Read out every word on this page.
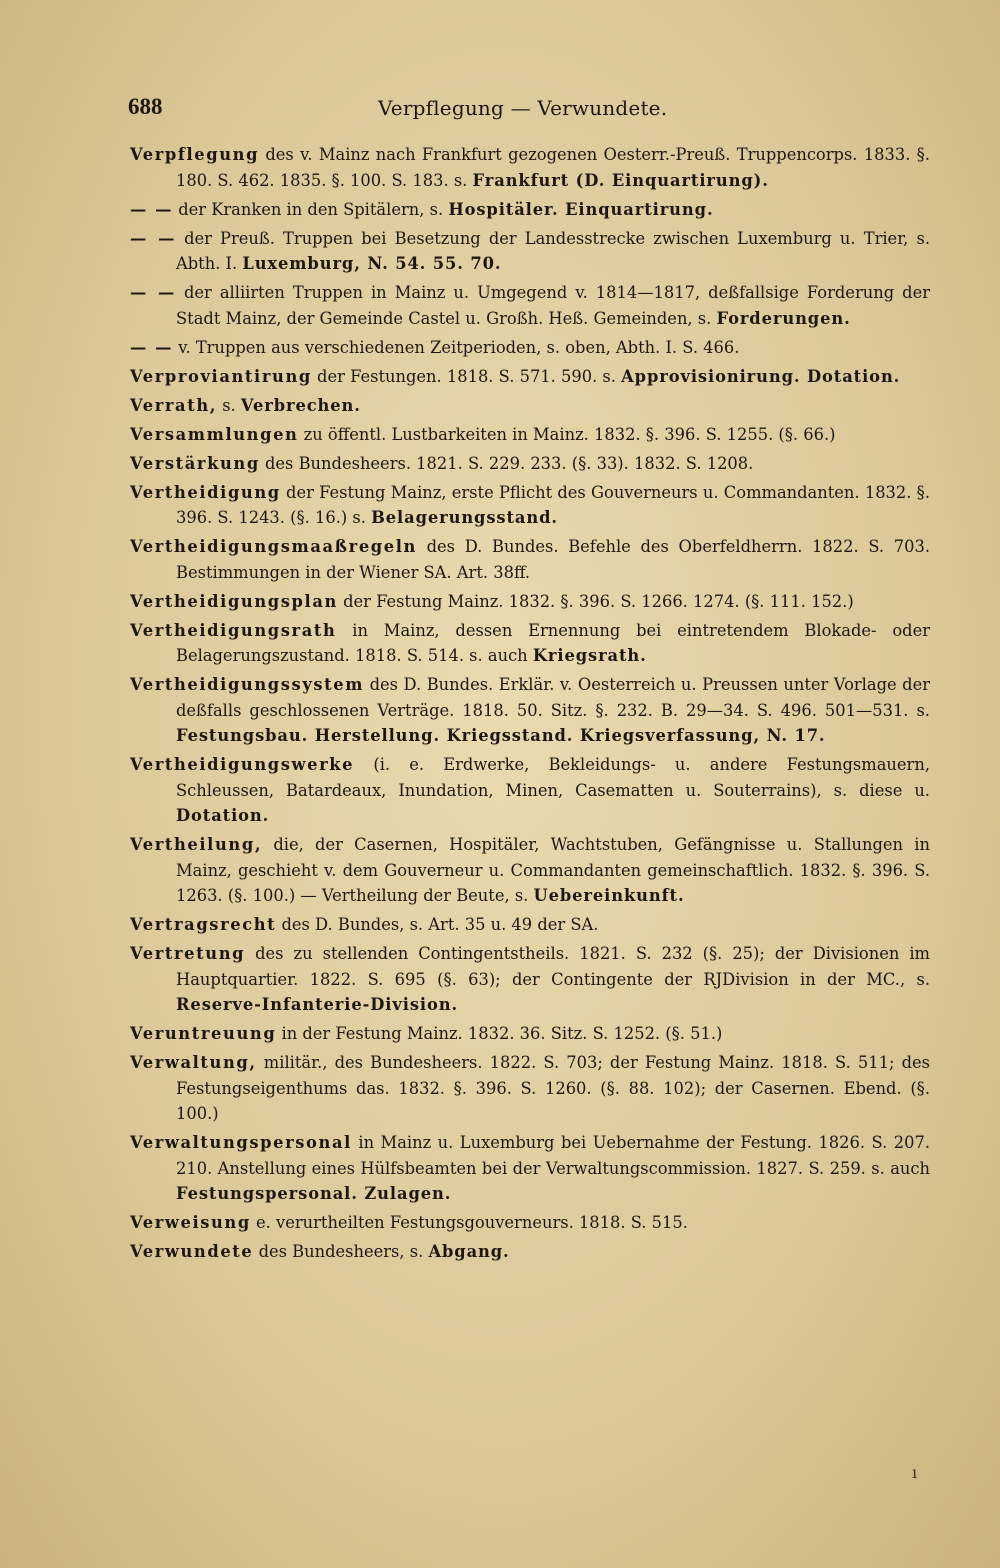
688	Verpflegung — Verwundete.
Verpflegung des v. Mainz nach Frankfurt gezogenen Oesterr.-Preuß. Truppencorps. 1833. §. 180. S. 462. 1835. §. 100. S. 183. s. Frankfurt (D. Einquartirung).
— — der Kranken in den Spitälern, s. Hospitäler. Einquartirung.
— — der Preuß. Truppen bei Besetzung der Landesstrecke zwischen Luxemburg u. Trier, s. Abth. I. Luxemburg, N. 54. 55. 70.
— — der alliirten Truppen in Mainz u. Umgegend v. 1814—1817, deßfallsige Forderung der Stadt Mainz, der Gemeinde Castel u. Großh. Heß. Gemeinden, s. Forderungen.
— — v. Truppen aus verschiedenen Zeitperioden, s. oben, Abth. I. S. 466.
Verproviantirung der Festungen. 1818. S. 571. 590. s. Approvisionirung. Dotation.
Verrath, s. Verbrechen.
Versammlungen zu öffentl. Lustbarkeiten in Mainz. 1832. §. 396. S. 1255. (§. 66.)
Verstärkung des Bundesheers. 1821. S. 229. 233. (§. 33). 1832. S. 1208.
Vertheidigung der Festung Mainz, erste Pflicht des Gouverneurs u. Commandanten. 1832. §. 396. S. 1243. (§. 16.) s. Belagerungsstand.
Vertheidigungsmaaßregeln des D. Bundes. Befehle des Oberfeldherrn. 1822. S. 703. Bestimmungen in der Wiener SA. Art. 38ff.
Vertheidigungsplan der Festung Mainz. 1832. §. 396. S. 1266. 1274. (§. 111. 152.)
Vertheidigungsrath in Mainz, dessen Ernennung bei eintretendem Blokade- oder Belagerungszustand. 1818. S. 514. s. auch Kriegsrath.
Vertheidigungssystem des D. Bundes. Erklär. v. Oesterreich u. Preussen unter Vorlage der deßfalls geschlossenen Verträge. 1818. 50. Sitz. §. 232. B. 29—34. S. 496. 501—531. s. Festungsbau. Herstellung. Kriegsstand. Kriegsverfassung, N. 17.
Vertheidigungswerke (i. e. Erdwerke, Bekleidungs- u. andere Festungsmauern, Schleussen, Batardeaux, Inundation, Minen, Casematten u. Souterrains), s. diese u. Dotation.
Vertheilung, die, der Casernen, Hospitäler, Wachtstuben, Gefängnisse u. Stallungen in Mainz, geschieht v. dem Gouverneur u. Commandanten gemeinschaftlich. 1832. §. 396. S. 1263. (§. 100.) — Vertheilung der Beute, s. Uebereinkunft.
Vertragsrecht des D. Bundes, s. Art. 35 u. 49 der SA.
Vertretung des zu stellenden Contingentstheils. 1821. S. 232 (§. 25); der Divisionen im Hauptquartier. 1822. S. 695 (§. 63); der Contingente der RJDivision in der MC., s. Reserve-Infanterie-Division.
Veruntreuung in der Festung Mainz. 1832. 36. Sitz. S. 1252. (§. 51.)
Verwaltung, militär., des Bundesheers. 1822. S. 703; der Festung Mainz. 1818. S. 511; des Festungseigenthums das. 1832. §. 396. S. 1260. (§. 88. 102); der Casernen. Ebend. (§. 100.)
Verwaltungspersonal in Mainz u. Luxemburg bei Uebernahme der Festung. 1826. S. 207. 210. Anstellung eines Hülfsbeamten bei der Verwaltungscommission. 1827. S. 259. s. auch Festungspersonal. Zulagen.
Verweisung e. verurtheilten Festungsgouverneurs. 1818. S. 515.
Verwundete des Bundesheers, s. Abgang.
ı
